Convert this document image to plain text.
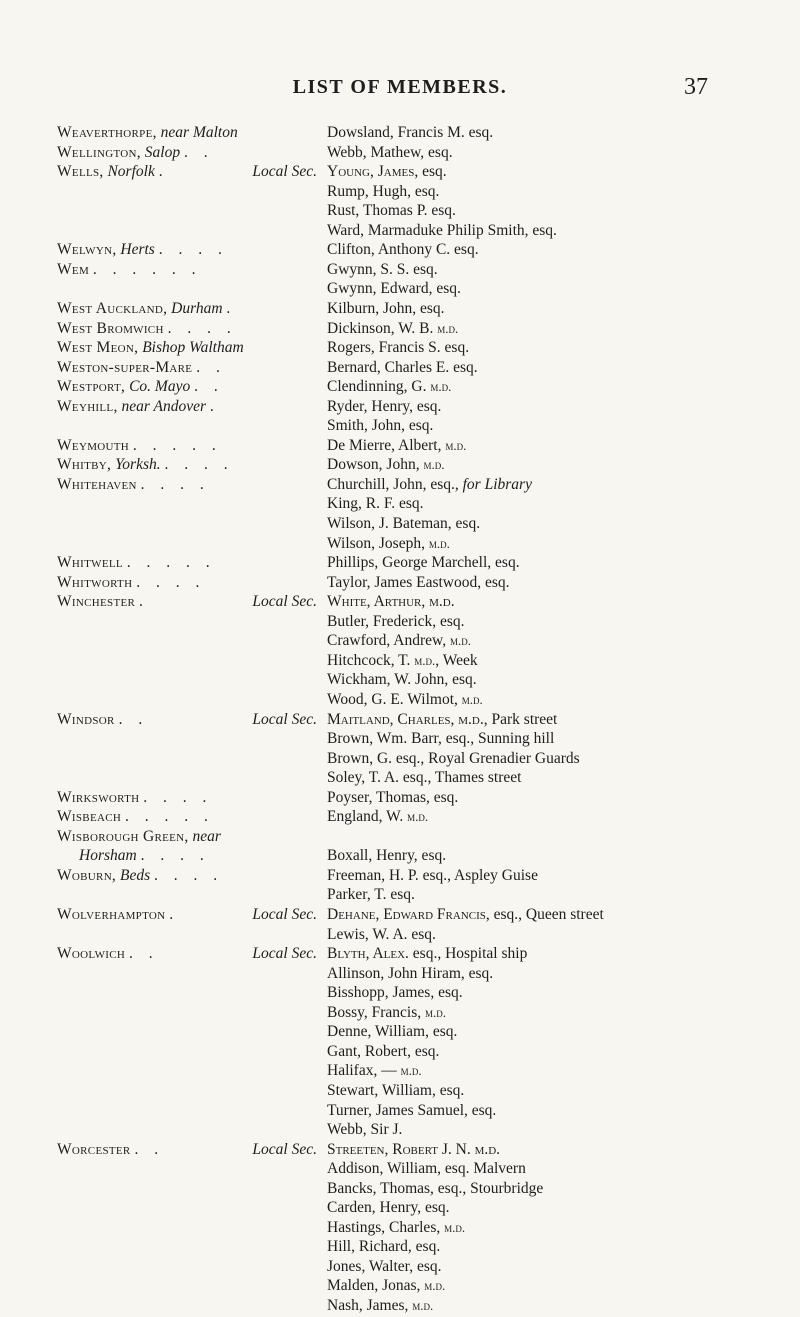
LIST OF MEMBERS.	37
Weaverthorpe, near Malton	Dowsland, Francis M. esq.
Wellington, Salop . .	Webb, Mathew, esq.
Wells, Norfolk .	Local Sec. Young, James, esq.
Rump, Hugh, esq.
Rust, Thomas P. esq.
Ward, Marmaduke Philip Smith, esq.
Welwyn, Herts . . . .	Clifton, Anthony C. esq.
Wem . . . . . .	Gwynn, S. S. esq.
Gwynn, Edward, esq.
West Auckland, Durham .	Kilburn, John, esq.
West Bromwich . . . .	Dickinson, W. B. m.d.
West Meon, Bishop Waltham	Rogers, Francis S. esq.
Weston-super-Mare . .	Bernard, Charles E. esq.
Westport, Co. Mayo . .	Clendinning, G. m.d.
Weyhill, near Andover .	Ryder, Henry, esq.
Smith, John, esq.
Weymouth . . . . .	De Mierre, Albert, m.d.
Whitby, Yorksh. . . . .	Dowson, John, m.d.
Whitehaven . . . .	Churchill, John, esq., for Library
King, R. F. esq.
Wilson, J. Bateman, esq.
Wilson, Joseph, m.d.
Whitwell . . . . .	Phillips, George Marchell, esq.
Whitworth . . . .	Taylor, James Eastwood, esq.
Winchester .	Local Sec. White, Arthur, m.d.
Butler, Frederick, esq.
Crawford, Andrew, m.d.
Hitchcock, T. m.d., Week
Wickham, W. John, esq.
Wood, G. E. Wilmot, m.d.
Windsor . .	Local Sec. Maitland, Charles, m.d., Park street
Brown, Wm. Barr, esq., Sunning hill
Brown, G. esq., Royal Grenadier Guards
Soley, T. A. esq., Thames street
Wirksworth . . . .	Poyser, Thomas, esq.
Wisbeach . . . . .	England, W. m.d.
Wisborough Green, near
Horsham . . . .	Boxall, Henry, esq.
Woburn, Beds . . . .	Freeman, H. P. esq., Aspley Guise
Parker, T. esq.
Wolverhampton .	Local Sec. Dehane, Edward Francis, esq., Queen street
Lewis, W. A. esq.
Woolwich . .	Local Sec. Blyth, Alex. esq., Hospital ship
Allinson, John Hiram, esq.
Bisshopp, James, esq.
Bossy, Francis, m.d.
Denne, William, esq.
Gant, Robert, esq.
Halifax, — m.d.
Stewart, William, esq.
Turner, James Samuel, esq.
Webb, Sir J.
Worcester . .	Local Sec. Streeten, Robert J. N. m.d.
Addison, William, esq. Malvern
Bancks, Thomas, esq., Stourbridge
Carden, Henry, esq.
Hastings, Charles, m.d.
Hill, Richard, esq.
Jones, Walter, esq.
Malden, Jonas, m.d.
Nash, James, m.d.
